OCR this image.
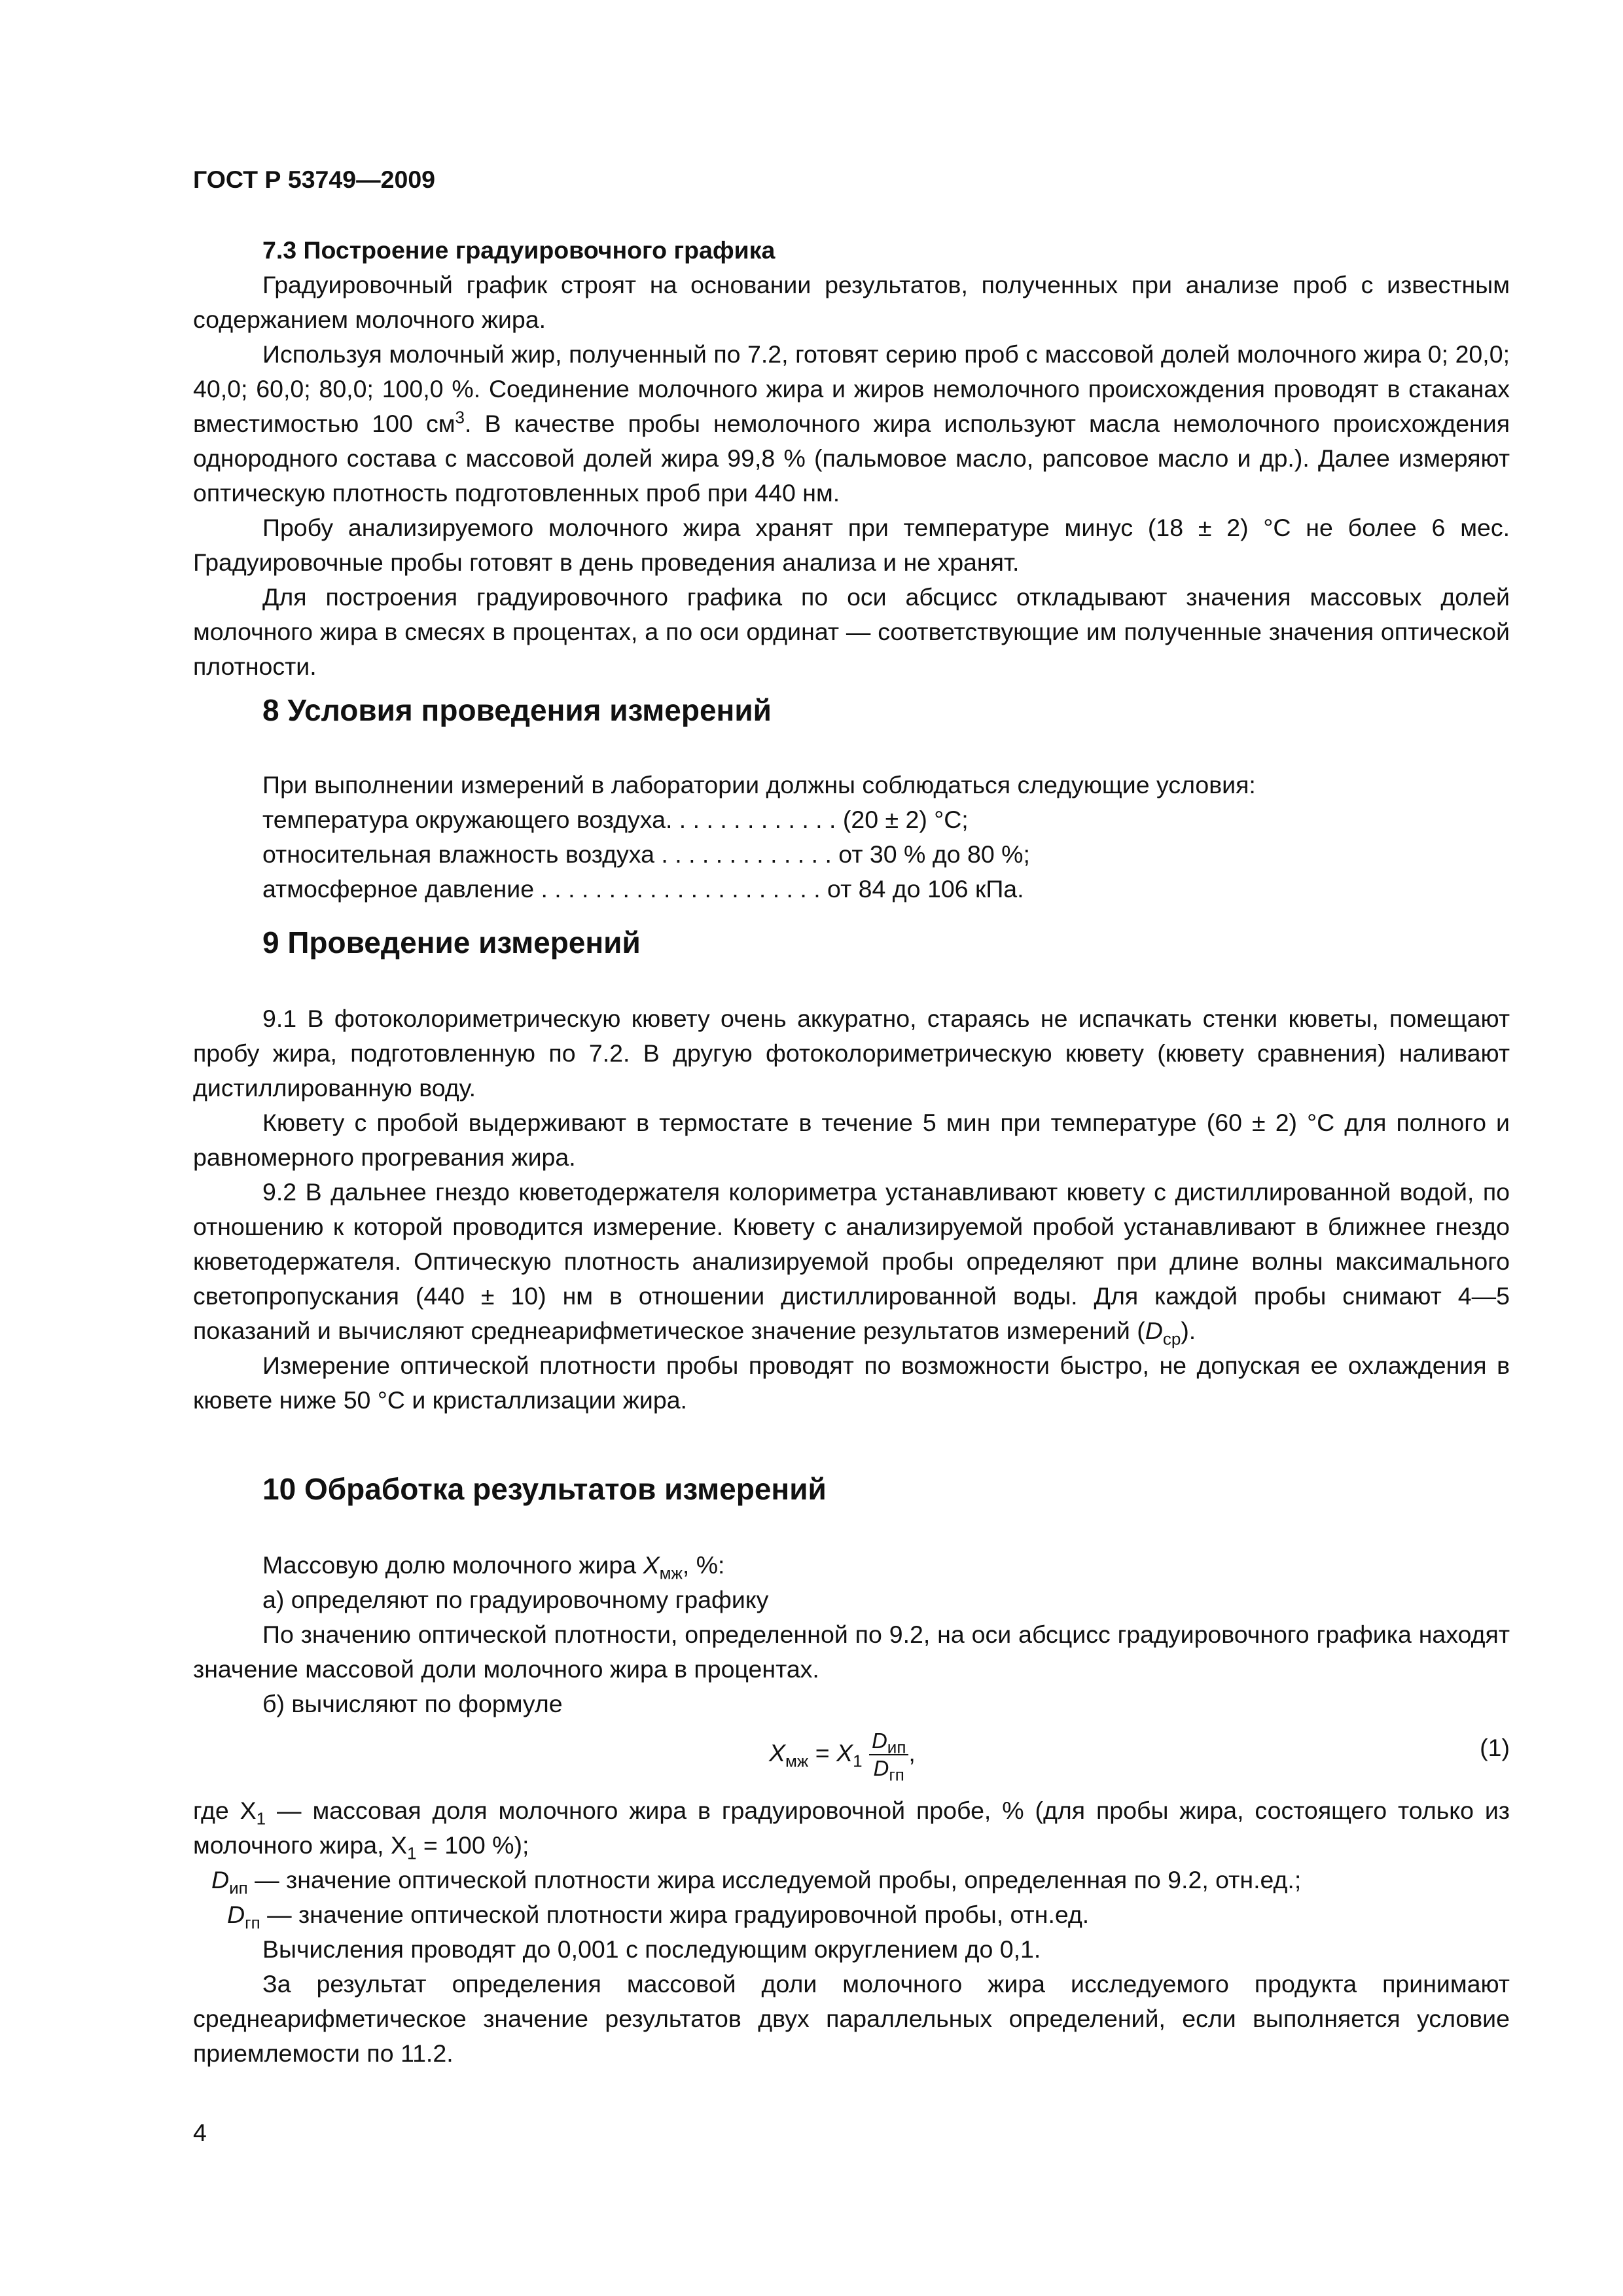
ГОСТ Р 53749—2009

7.3 Построение градуировочного графика

Градуировочный график строят на основании результатов, полученных при анализе проб с известным содержанием молочного жира.

Используя молочный жир, полученный по 7.2, готовят серию проб с массовой долей молочного жира 0; 20,0; 40,0; 60,0; 80,0; 100,0 %. Соединение молочного жира и жиров немолочного происхождения проводят в стаканах вместимостью 100 $см^3$. В качестве пробы немолочного жира используют масла немолочного происхождения однородного состава с массовой долей жира 99,8 % (пальмовое масло, рапсовое масло и др.). Далее измеряют оптическую плотность подготовленных проб при 440 нм.

Пробу анализируемого молочного жира хранят при температуре минус (18 ± 2) °С не более 6 мес. Градуировочные пробы готовят в день проведения анализа и не хранят.

Для построения градуировочного графика по оси абсцисс откладывают значения массовых долей молочного жира в смесях в процентах, а по оси ординат — соответствующие им полученные значения оптической плотности.

8 Условия проведения измерений

При выполнении измерений в лаборатории должны соблюдаться следующие условия:

температура окружающего воздуха. . . . . . . . . . . . . (20 ± 2) °С;
относительная влажность воздуха . . . . . . . . . . . . . от 30 % до 80 %;
атмосферное давление . . . . . . . . . . . . . . . . . . . . . от 84 до 106 кПа.
9 Проведение измерений

9.1 В фотоколориметрическую кювету очень аккуратно, стараясь не испачкать стенки кюветы, помещают пробу жира, подготовленную по 7.2. В другую фотоколориметрическую кювету (кювету сравнения) наливают дистиллированную воду.

Кювету с пробой выдерживают в термостате в течение 5 мин при температуре (60 ± 2) °С для полного и равномерного прогревания жира.

9.2 В дальнее гнездо кюветодержателя колориметра устанавливают кювету с дистиллированной водой, по отношению к которой проводится измерение. Кювету с анализируемой пробой устанавливают в ближнее гнездо кюветодержателя. Оптическую плотность анализируемой пробы определяют при длине волны максимального светопропускания (440 ± 10) нм в отношении дистиллированной воды. Для каждой пробы снимают 4—5 показаний и вычисляют среднеарифметическое значение результатов измерений $(D_{ср})$.

Измерение оптической плотности пробы проводят по возможности быстро, не допуская ее охлаждения в кювете ниже 50 °С и кристаллизации жира.

10 Обработка результатов измерений

Массовую долю молочного жира $X_{мж}$, %:

а) определяют по градуировочному графику

По значению оптической плотности, определенной по 9.2, на оси абсцисс градуировочного графика находят значение массовой доли молочного жира в процентах.

б) вычисляют по формуле

$X_{мж} = X_1 \frac{D_{ип}}{D_{гп}}$ ,	(1)

где $X_1$ — массовая доля молочного жира в градуировочной пробе, % (для пробы жира, состоящего только из молочного жира, $X_1 = 100$ %);

$D_{ип}$ — значение оптической плотности жира исследуемой пробы, определенная по 9.2, отн.ед.;

$D_{гп}$ — значение оптической плотности жира градуировочной пробы, отн.ед.

Вычисления проводят до 0,001 с последующим округлением до 0,1.

За результат определения массовой доли молочного жира исследуемого продукта принимают среднеарифметическое значение результатов двух параллельных определений, если выполняется условие приемлемости по 11.2.

4
